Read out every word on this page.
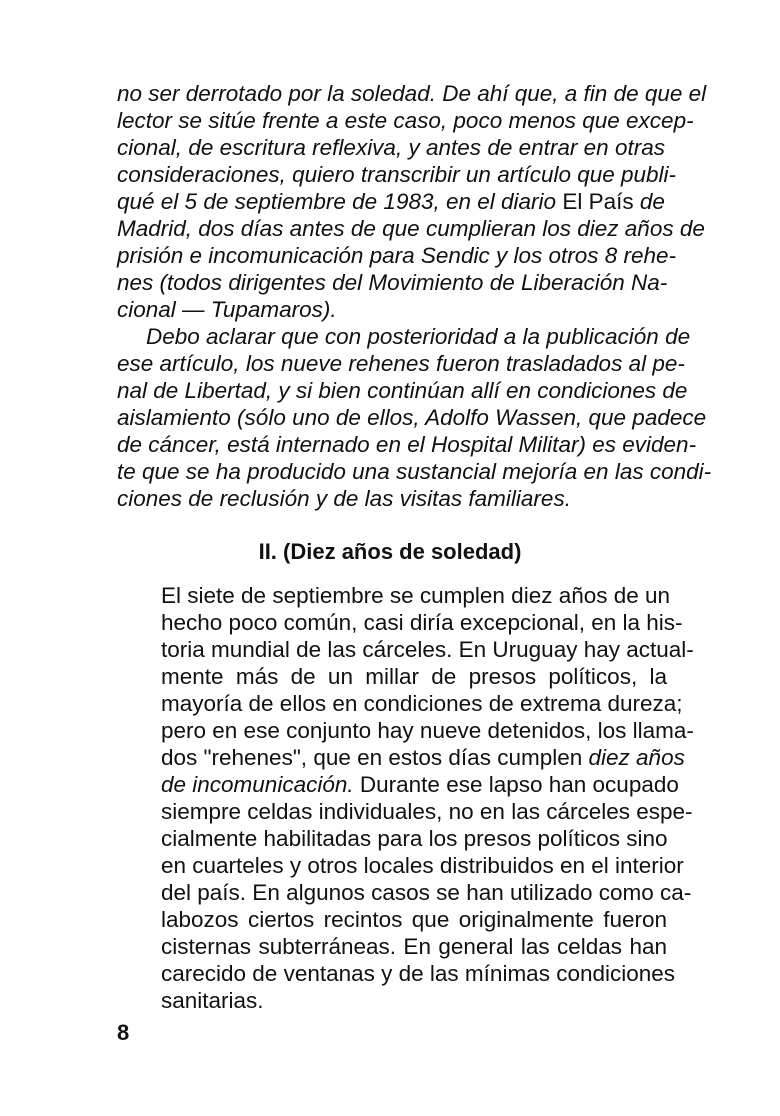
no ser derrotado por la soledad. De ahí que, a fin de que el
lector se sitúe frente a este caso, poco menos que excep-
cional, de escritura reflexiva, y antes de entrar en otras
consideraciones, quiero transcribir un artículo que publi-
qué el 5 de septiembre de 1983, en el diario El País de
Madrid, dos días antes de que cumplieran los diez años de
prisión e incomunicación para Sendic y los otros 8 rehe-
nes (todos dirigentes del Movimiento de Liberación Na-
cional — Tupamaros).
Debo aclarar que con posterioridad a la publicación de
ese artículo, los nueve rehenes fueron trasladados al pe-
nal de Libertad, y si bien continúan allí en condiciones de
aislamiento (sólo uno de ellos, Adolfo Wassen, que padece
de cáncer, está internado en el Hospital Militar) es eviden-
te que se ha producido una sustancial mejoría en las condi-
ciones de reclusión y de las visitas familiares.
II. (Diez años de soledad)
El siete de septiembre se cumplen diez años de un
hecho poco común, casi diría excepcional, en la his-
toria mundial de las cárceles. En Uruguay hay actual-
mente más de un millar de presos políticos, la
mayoría de ellos en condiciones de extrema dureza;
pero en ese conjunto hay nueve detenidos, los llama-
dos "rehenes", que en estos días cumplen diez años
de incomunicación. Durante ese lapso han ocupado
siempre celdas individuales, no en las cárceles espe-
cialmente habilitadas para los presos políticos sino
en cuarteles y otros locales distribuidos en el interior
del país. En algunos casos se han utilizado como ca-
labozos ciertos recintos que originalmente fueron
cisternas subterráneas. En general las celdas han
carecido de ventanas y de las mínimas condiciones
sanitarias.
8
